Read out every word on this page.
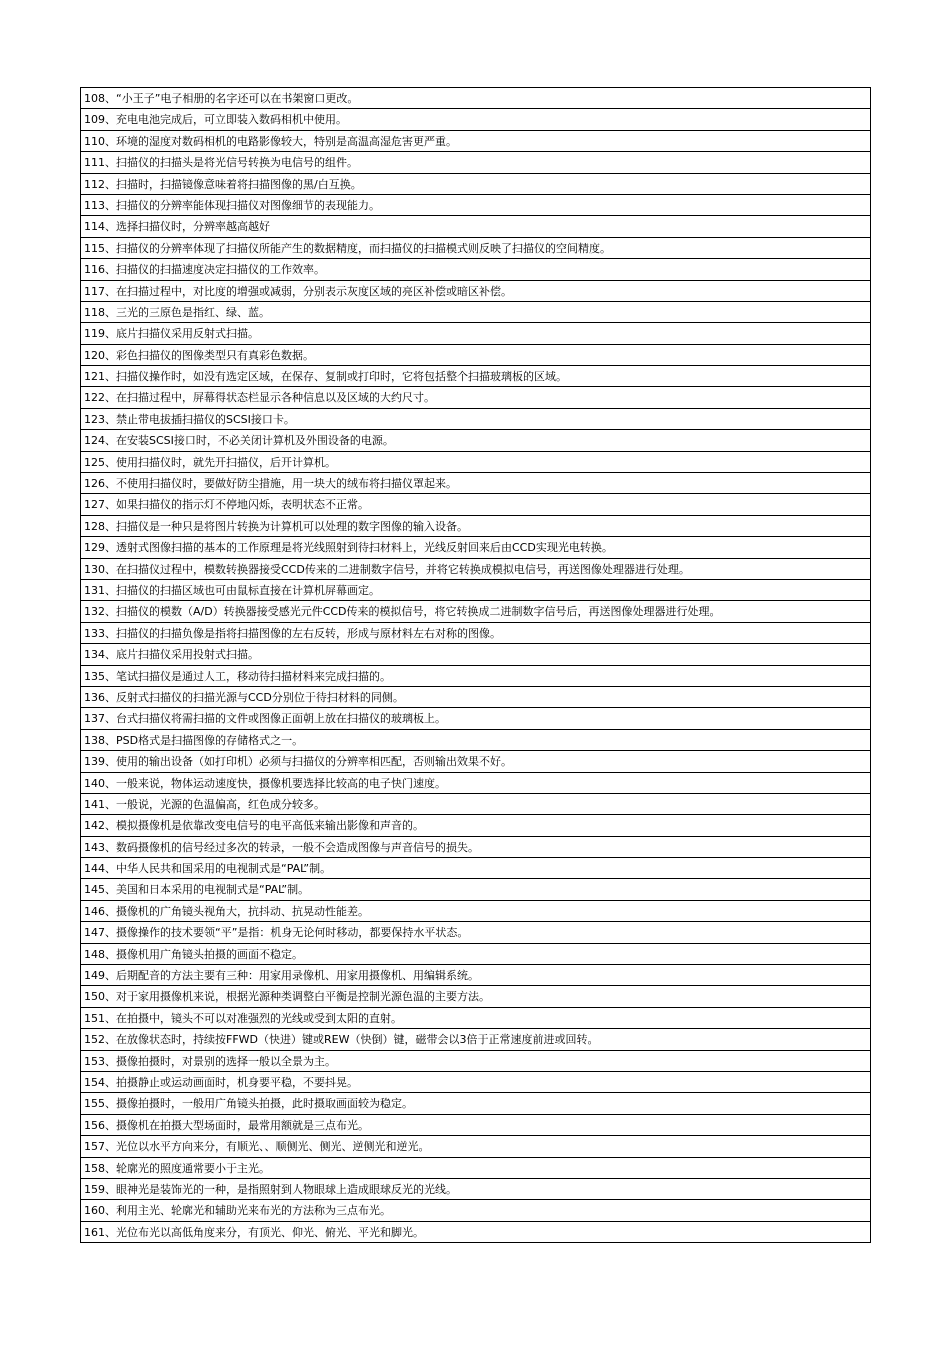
108、“小王子”电子相册的名字还可以在书架窗口更改。
109、充电电池完成后，可立即装入数码相机中使用。
110、环境的湿度对数码相机的电路影像较大，特别是高温高湿危害更严重。
111、扫描仪的扫描头是将光信号转换为电信号的组件。
112、扫描时，扫描镜像意味着将扫描图像的黑/白互换。
113、扫描仪的分辨率能体现扫描仪对图像细节的表现能力。
114、选择扫描仪时，分辨率越高越好
115、扫描仪的分辨率体现了扫描仪所能产生的数据精度，而扫描仪的扫描模式则反映了扫描仪的空间精度。
116、扫描仪的扫描速度决定扫描仪的工作效率。
117、在扫描过程中，对比度的增强或减弱，分别表示灰度区域的亮区补偿或暗区补偿。
118、三光的三原色是指红、绿、蓝。
119、底片扫描仪采用反射式扫描。
120、彩色扫描仪的图像类型只有真彩色数据。
121、扫描仪操作时，如没有选定区域，在保存、复制或打印时，它将包括整个扫描玻璃板的区域。
122、在扫描过程中，屏幕得状态栏显示各种信息以及区域的大约尺寸。
123、禁止带电拔插扫描仪的SCSI接口卡。
124、在安装SCSI接口时，不必关闭计算机及外围设备的电源。
125、使用扫描仪时，就先开扫描仪，后开计算机。
126、不使用扫描仪时，要做好防尘措施，用一块大的绒布将扫描仪罩起来。
127、如果扫描仪的指示灯不停地闪烁，表明状态不正常。
128、扫描仪是一种只是将图片转换为计算机可以处理的数字图像的输入设备。
129、透射式图像扫描的基本的工作原理是将光线照射到待扫材料上，光线反射回来后由CCD实现光电转换。
130、在扫描仪过程中，模数转换器接受CCD传来的二进制数字信号，并将它转换成模拟电信号，再送图像处理器进行处理。
131、扫描仪的扫描区域也可由鼠标直接在计算机屏幕画定。
132、扫描仪的模数（A/D）转换器接受感光元件CCD传来的模拟信号，将它转换成二进制数字信号后，再送图像处理器进行处理。
133、扫描仪的扫描负像是指将扫描图像的左右反转，形成与原材料左右对称的图像。
134、底片扫描仪采用投射式扫描。
135、笔试扫描仪是通过人工，移动待扫描材料来完成扫描的。
136、反射式扫描仪的扫描光源与CCD分别位于待扫材料的同侧。
137、台式扫描仪将需扫描的文件或图像正面朝上放在扫描仪的玻璃板上。
138、PSD格式是扫描图像的存储格式之一。
139、使用的输出设备（如打印机）必须与扫描仪的分辨率相匹配，否则输出效果不好。
140、一般来说，物体运动速度快，摄像机要选择比较高的电子快门速度。
141、一般说，光源的色温偏高，红色成分较多。
142、模拟摄像机是依靠改变电信号的电平高低来输出影像和声音的。
143、数码摄像机的信号经过多次的转录，一般不会造成图像与声音信号的损失。
144、中华人民共和国采用的电视制式是“PAL”制。
145、美国和日本采用的电视制式是“PAL”制。
146、摄像机的广角镜头视角大，抗抖动、抗晃动性能差。
147、摄像操作的技术要领“平”是指：机身无论何时移动，都要保持水平状态。
148、摄像机用广角镜头拍摄的画面不稳定。
149、后期配音的方法主要有三种：用家用录像机、用家用摄像机、用编辑系统。
150、对于家用摄像机来说，根据光源种类调整白平衡是控制光源色温的主要方法。
151、在拍摄中，镜头不可以对准强烈的光线或受到太阳的直射。
152、在放像状态时，持续按FFWD（快进）键或REW（快倒）键，磁带会以3倍于正常速度前进或回转。
153、摄像拍摄时，对景别的选择一般以全景为主。
154、拍摄静止或运动画面时，机身要平稳，不要抖晃。
155、摄像拍摄时，一般用广角镜头拍摄，此时摄取画面较为稳定。
156、摄像机在拍摄大型场面时，最常用额就是三点布光。
157、光位以水平方向来分，有顺光、、顺侧光、侧光、逆侧光和逆光。
158、轮廓光的照度通常要小于主光。
159、眼神光是装饰光的一种，是指照射到人物眼球上造成眼球反光的光线。
160、利用主光、轮廓光和辅助光来布光的方法称为三点布光。
161、光位布光以高低角度来分，有顶光、仰光、俯光、平光和脚光。
